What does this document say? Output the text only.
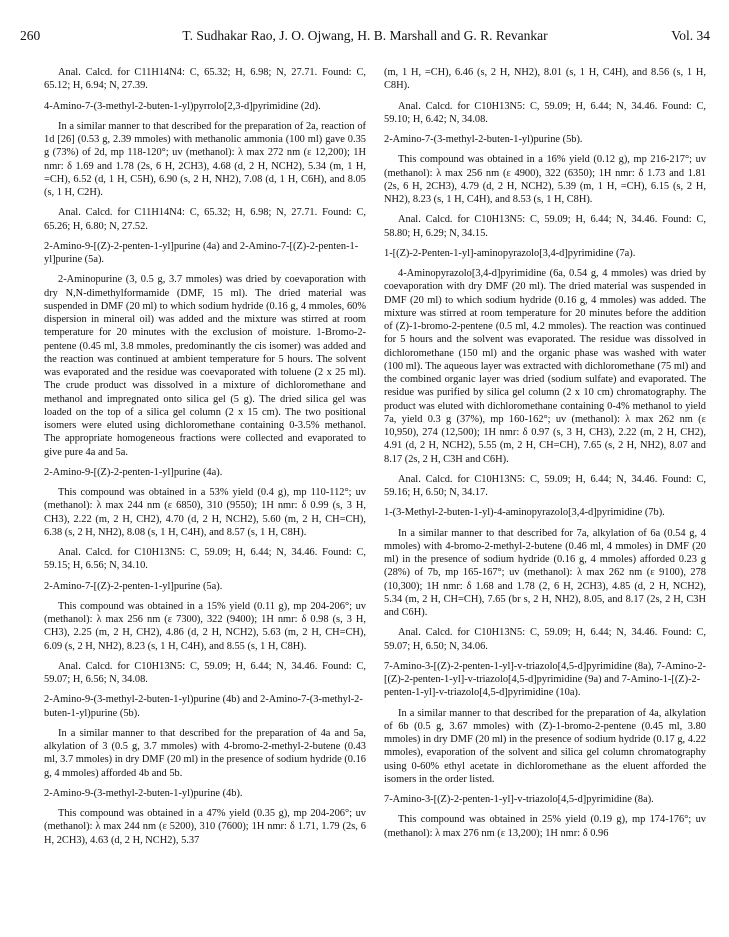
260	T. Sudhakar Rao, J. O. Ojwang, H. B. Marshall and G. R. Revankar	Vol. 34

Anal. Calcd. for C11H14N4: C, 65.32; H, 6.98; N, 27.71. Found: C, 65.12; H, 6.94; N, 27.39.

4-Amino-7-(3-methyl-2-buten-1-yl)pyrrolo[2,3-d]pyrimidine (2d).

In a similar manner to that described for the preparation of 2a, reaction of 1d [26] (0.53 g, 2.39 mmoles) with methanolic ammonia (100 ml) gave 0.35 g (73%) of 2d, mp 118-120°; uv (methanol): λ max 272 nm (ε 12,200); 1H nmr: δ 1.69 and 1.78 (2s, 6 H, 2CH3), 4.68 (d, 2 H, NCH2), 5.34 (m, 1 H, =CH), 6.52 (d, 1 H, C5H), 6.90 (s, 2 H, NH2), 7.08 (d, 1 H, C6H), and 8.05 (s, 1 H, C2H).

Anal. Calcd. for C11H14N4: C, 65.32; H, 6.98; N, 27.71. Found: C, 65.26; H, 6.80; N, 27.52.

2-Amino-9-[(Z)-2-penten-1-yl]purine (4a) and 2-Amino-7-[(Z)-2-penten-1-yl]purine (5a).

2-Aminopurine (3, 0.5 g, 3.7 mmoles) was dried by coevaporation with dry N,N-dimethylformamide (DMF, 15 ml). The dried material was suspended in DMF (20 ml) to which sodium hydride (0.16 g, 4 mmoles, 60% dispersion in mineral oil) was added and the mixture was stirred at room temperature for 20 minutes with the exclusion of moisture. 1-Bromo-2-pentene (0.45 ml, 3.8 mmoles, predominantly the cis isomer) was added and the reaction was continued at ambient temperature for 5 hours. The solvent was evaporated and the residue was coevaporated with toluene (2 x 25 ml). The crude product was dissolved in a mixture of dichloromethane and methanol and impregnated onto silica gel (5 g). The dried silica gel was loaded on the top of a silica gel column (2 x 15 cm). The two positional isomers were eluted using dichloromethane containing 0-3.5% methanol. The appropriate homogeneous fractions were collected and evaporated to give pure 4a and 5a.

2-Amino-9-[(Z)-2-penten-1-yl]purine (4a).

This compound was obtained in a 53% yield (0.4 g), mp 110-112°; uv (methanol): λ max 244 nm (ε 6850), 310 (9550); 1H nmr: δ 0.99 (s, 3 H, CH3), 2.22 (m, 2 H, CH2), 4.70 (d, 2 H, NCH2), 5.60 (m, 2 H, CH=CH), 6.38 (s, 2 H, NH2), 8.08 (s, 1 H, C4H), and 8.57 (s, 1 H, C8H).

Anal. Calcd. for C10H13N5: C, 59.09; H, 6.44; N, 34.46. Found: C, 59.15; H, 6.56; N, 34.10.

2-Amino-7-[(Z)-2-penten-1-yl]purine (5a).

This compound was obtained in a 15% yield (0.11 g), mp 204-206°; uv (methanol): λ max 256 nm (ε 7300), 322 (9400); 1H nmr: δ 0.98 (s, 3 H, CH3), 2.25 (m, 2 H, CH2), 4.86 (d, 2 H, NCH2), 5.63 (m, 2 H, CH=CH), 6.09 (s, 2 H, NH2), 8.23 (s, 1 H, C4H), and 8.55 (s, 1 H, C8H).

Anal. Calcd. for C10H13N5: C, 59.09; H, 6.44; N, 34.46. Found: C, 59.07; H, 6.56; N, 34.08.

2-Amino-9-(3-methyl-2-buten-1-yl)purine (4b) and 2-Amino-7-(3-methyl-2-buten-1-yl)purine (5b).

In a similar manner to that described for the preparation of 4a and 5a, alkylation of 3 (0.5 g, 3.7 mmoles) with 4-bromo-2-methyl-2-butene (0.43 ml, 3.7 mmoles) in dry DMF (20 ml) in the presence of sodium hydride (0.16 g, 4 mmoles) afforded 4b and 5b.

2-Amino-9-(3-methyl-2-buten-1-yl)purine (4b).

This compound was obtained in a 47% yield (0.35 g), mp 204-206°; uv (methanol): λ max 244 nm (ε 5200), 310 (7600); 1H nmr: δ 1.71, 1.79 (2s, 6 H, 2CH3), 4.63 (d, 2 H, NCH2), 5.37

(m, 1 H, =CH), 6.46 (s, 2 H, NH2), 8.01 (s, 1 H, C4H), and 8.56 (s, 1 H, C8H).

Anal. Calcd. for C10H13N5: C, 59.09; H, 6.44; N, 34.46. Found: C, 59.10; H, 6.42; N, 34.08.

2-Amino-7-(3-methyl-2-buten-1-yl)purine (5b).

This compound was obtained in a 16% yield (0.12 g), mp 216-217°; uv (methanol): λ max 256 nm (ε 4900), 322 (6350); 1H nmr: δ 1.73 and 1.81 (2s, 6 H, 2CH3), 4.79 (d, 2 H, NCH2), 5.39 (m, 1 H, =CH), 6.15 (s, 2 H, NH2), 8.23 (s, 1 H, C4H), and 8.53 (s, 1 H, C8H).

Anal. Calcd. for C10H13N5: C, 59.09; H, 6.44; N, 34.46. Found: C, 58.80; H, 6.29; N, 34.15.

1-[(Z)-2-Penten-1-yl]-aminopyrazolo[3,4-d]pyrimidine (7a).

4-Aminopyrazolo[3,4-d]pyrimidine (6a, 0.54 g, 4 mmoles) was dried by coevaporation with dry DMF (20 ml). The dried material was suspended in DMF (20 ml) to which sodium hydride (0.16 g, 4 mmoles) was added. The mixture was stirred at room temperature for 20 minutes before the addition of (Z)-1-bromo-2-pentene (0.5 ml, 4.2 mmoles). The reaction was continued for 5 hours and the solvent was evaporated. The residue was dissolved in dichloromethane (150 ml) and the organic phase was washed with water (100 ml). The aqueous layer was extracted with dichloromethane (75 ml) and the combined organic layer was dried (sodium sulfate) and evaporated. The residue was purified by silica gel column (2 x 10 cm) chromatography. The product was eluted with dichloromethane containing 0-4% methanol to yield 7a, yield 0.3 g (37%), mp 160-162°; uv (methanol): λ max 262 nm (ε 10,950), 274 (12,500); 1H nmr: δ 0.97 (s, 3 H, CH3), 2.22 (m, 2 H, CH2), 4.91 (d, 2 H, NCH2), 5.55 (m, 2 H, CH=CH), 7.65 (s, 2 H, NH2), 8.07 and 8.17 (2s, 2 H, C3H and C6H).

Anal. Calcd. for C10H13N5: C, 59.09; H, 6.44; N, 34.46. Found: C, 59.16; H, 6.50; N, 34.17.

1-(3-Methyl-2-buten-1-yl)-4-aminopyrazolo[3,4-d]pyrimidine (7b).

In a similar manner to that described for 7a, alkylation of 6a (0.54 g, 4 mmoles) with 4-bromo-2-methyl-2-butene (0.46 ml, 4 mmoles) in DMF (20 ml) in the presence of sodium hydride (0.16 g, 4 mmoles) afforded 0.23 g (28%) of 7b, mp 165-167°; uv (methanol): λ max 262 nm (ε 9100), 278 (10,300); 1H nmr: δ 1.68 and 1.78 (2, 6 H, 2CH3), 4.85 (d, 2 H, NCH2), 5.34 (m, 2 H, CH=CH), 7.65 (br s, 2 H, NH2), 8.05, and 8.17 (2s, 2 H, C3H and C6H).

Anal. Calcd. for C10H13N5: C, 59.09; H, 6.44; N, 34.46. Found: C, 59.07; H, 6.50; N, 34.06.

7-Amino-3-[(Z)-2-penten-1-yl]-v-triazolo[4,5-d]pyrimidine (8a), 7-Amino-2-[(Z)-2-penten-1-yl]-v-triazolo[4,5-d]pyrimidine (9a) and 7-Amino-1-[(Z)-2-penten-1-yl]-v-triazolo[4,5-d]pyrimidine (10a).

In a similar manner to that described for the preparation of 4a, alkylation of 6b (0.5 g, 3.67 mmoles) with (Z)-1-bromo-2-pentene (0.45 ml, 3.80 mmoles) in dry DMF (20 ml) in the presence of sodium hydride (0.17 g, 4.22 mmoles), evaporation of the solvent and silica gel column chromatography using 0-60% ethyl acetate in dichloromethane as the eluent afforded the isomers in the order listed.

7-Amino-3-[(Z)-2-penten-1-yl]-v-triazolo[4,5-d]pyrimidine (8a).

This compound was obtained in 25% yield (0.19 g), mp 174-176°; uv (methanol): λ max 276 nm (ε 13,200); 1H nmr: δ 0.96
